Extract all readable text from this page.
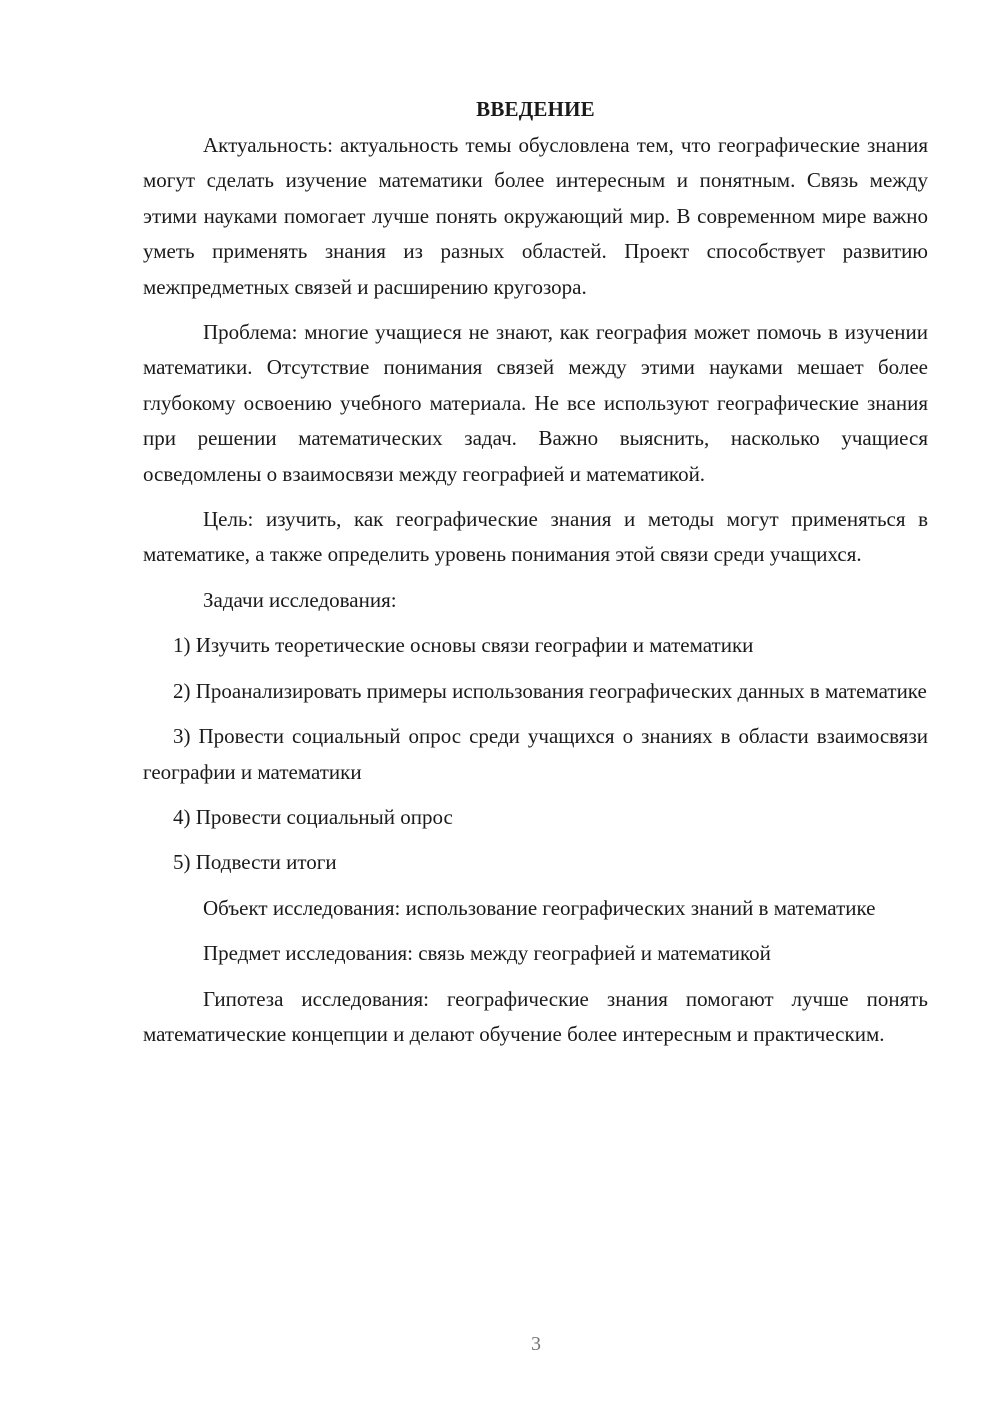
ВВЕДЕНИЕ

Актуальность: актуальность темы обусловлена тем, что географические знания могут сделать изучение математики более интересным и понятным. Связь между этими науками помогает лучше понять окружающий мир. В современном мире важно уметь применять знания из разных областей. Проект способствует развитию межпредметных связей и расширению кругозора.

Проблема: многие учащиеся не знают, как география может помочь в изучении математики. Отсутствие понимания связей между этими науками мешает более глубокому освоению учебного материала. Не все используют географические знания при решении математических задач. Важно выяснить, насколько учащиеся осведомлены о взаимосвязи между географией и математикой.

Цель: изучить, как географические знания и методы могут применяться в математике, а также определить уровень понимания этой связи среди учащихся.

Задачи исследования:

1) Изучить теоретические основы связи географии и математики

2) Проанализировать примеры использования географических данных в математике

3) Провести социальный опрос среди учащихся о знаниях в области взаимосвязи географии и математики

4) Провести социальный опрос

5) Подвести итоги

Объект исследования: использование географических знаний в математике

Предмет исследования: связь между географией и математикой

Гипотеза исследования: географические знания помогают лучше понять математические концепции и делают обучение более интересным и практическим.

3
